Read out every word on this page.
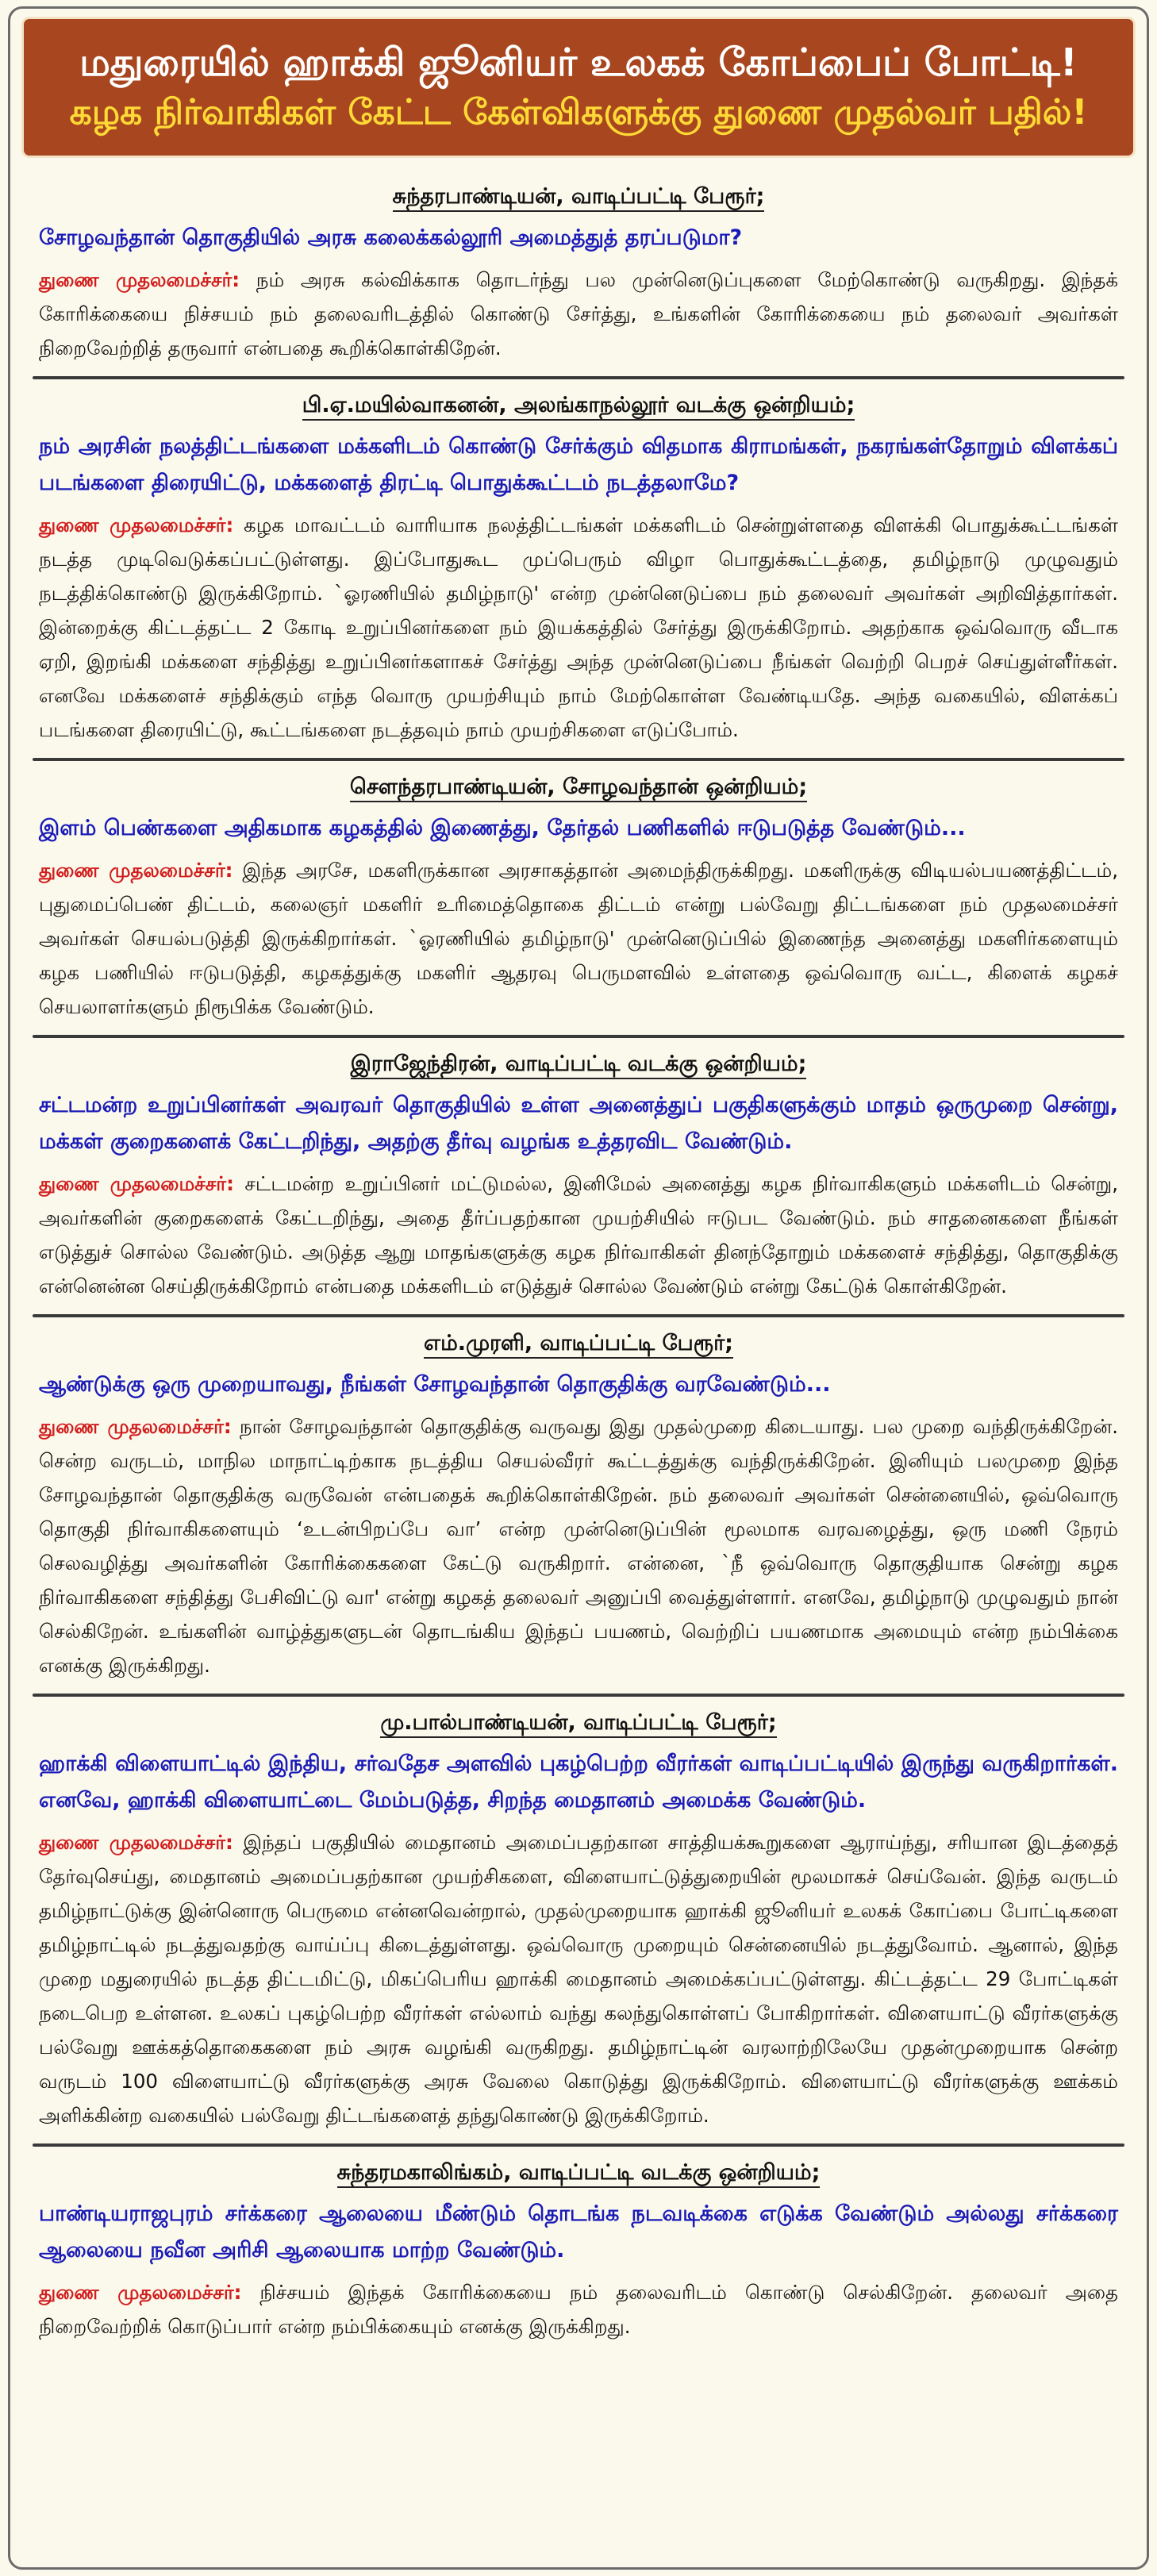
மதுரையில் ஹாக்கி ஜூனியர் உலகக் கோப்பைப் போட்டி!
கழக நிர்வாகிகள் கேட்ட கேள்விகளுக்கு துணை முதல்வர் பதில்!
சுந்தரபாண்டியன், வாடிப்பட்டி பேரூர்;

சோழவந்தான் தொகுதியில் அரசு கலைக்கல்லூரி அமைத்துத் தரப்படுமா?

துணை முதலமைச்சர்: நம் அரசு கல்விக்காக தொடர்ந்து பல முன்னெடுப்புகளை மேற்கொண்டு வருகிறது. இந்தக் கோரிக்கையை நிச்சயம் நம் தலைவரிடத்தில் கொண்டு சேர்த்து, உங்களின் கோரிக்கையை நம் தலைவர் அவர்கள் நிறைவேற்றித் தருவார் என்பதை கூறிக்கொள்கிறேன்.

பி.ஏ.மயில்வாகனன், அலங்காநல்லூர் வடக்கு ஒன்றியம்;

நம் அரசின் நலத்திட்டங்களை மக்களிடம் கொண்டு சேர்க்கும் விதமாக கிராமங்கள், நகரங்கள்தோறும் விளக்கப் படங்களை திரையிட்டு, மக்களைத் திரட்டி பொதுக்கூட்டம் நடத்தலாமே?

துணை முதலமைச்சர்: கழக மாவட்டம் வாரியாக நலத்திட்டங்கள் மக்களிடம் சென்றுள்ளதை விளக்கி பொதுக்கூட்டங்கள் நடத்த முடிவெடுக்கப்பட்டுள்ளது. இப்போதுகூட முப்பெரும் விழா பொதுக்கூட்டத்தை, தமிழ்நாடு முழுவதும் நடத்திக்கொண்டு இருக்கிறோம். `ஓரணியில் தமிழ்நாடு' என்ற முன்னெடுப்பை நம் தலைவர் அவர்கள் அறிவித்தார்கள். இன்றைக்கு கிட்டத்தட்ட 2 கோடி உறுப்பினர்களை நம் இயக்கத்தில் சேர்த்து இருக்கிறோம். அதற்காக ஒவ்வொரு வீடாக ஏறி, இறங்கி மக்களை சந்தித்து உறுப்பினர்களாகச் சேர்த்து அந்த முன்னெடுப்பை நீங்கள் வெற்றி பெறச் செய்துள்ளீர்கள். எனவே மக்களைச் சந்திக்கும் எந்த வொரு முயற்சியும் நாம் மேற்கொள்ள வேண்டியதே. அந்த வகையில், விளக்கப் படங்களை திரையிட்டு, கூட்டங்களை நடத்தவும் நாம் முயற்சிகளை எடுப்போம்.

சௌந்தரபாண்டியன், சோழவந்தான் ஒன்றியம்;

இளம் பெண்களை அதிகமாக கழகத்தில் இணைத்து, தேர்தல் பணிகளில் ஈடுபடுத்த வேண்டும்...

துணை முதலமைச்சர்: இந்த அரசே, மகளிருக்கான அரசாகத்தான் அமைந்திருக்கிறது. மகளிருக்கு விடியல்பயணத்திட்டம், புதுமைப்பெண் திட்டம், கலைஞர் மகளிர் உரிமைத்தொகை திட்டம் என்று பல்வேறு திட்டங்களை நம் முதலமைச்சர் அவர்கள் செயல்படுத்தி இருக்கிறார்கள். `ஓரணியில் தமிழ்நாடு' முன்னெடுப்பில் இணைந்த அனைத்து மகளிர்களையும் கழக பணியில் ஈடுபடுத்தி, கழகத்துக்கு மகளிர் ஆதரவு பெருமளவில் உள்ளதை ஒவ்வொரு வட்ட, கிளைக் கழகச் செயலாளர்களும் நிரூபிக்க வேண்டும்.

இராஜேந்திரன், வாடிப்பட்டி வடக்கு ஒன்றியம்;

சட்டமன்ற உறுப்பினர்கள் அவரவர் தொகுதியில் உள்ள அனைத்துப் பகுதிகளுக்கும் மாதம் ஒருமுறை சென்று, மக்கள் குறைகளைக் கேட்டறிந்து, அதற்கு தீர்வு வழங்க உத்தரவிட வேண்டும்.

துணை முதலமைச்சர்: சட்டமன்ற உறுப்பினர் மட்டுமல்ல, இனிமேல் அனைத்து கழக நிர்வாகிகளும் மக்களிடம் சென்று, அவர்களின் குறைகளைக் கேட்டறிந்து, அதை தீர்ப்பதற்கான முயற்சியில் ஈடுபட வேண்டும். நம் சாதனைகளை நீங்கள் எடுத்துச் சொல்ல வேண்டும். அடுத்த ஆறு மாதங்களுக்கு கழக நிர்வாகிகள் தினந்தோறும் மக்களைச் சந்தித்து, தொகுதிக்கு என்னென்ன செய்திருக்கிறோம் என்பதை மக்களிடம் எடுத்துச் சொல்ல வேண்டும் என்று கேட்டுக் கொள்கிறேன்.

எம்.முரளி, வாடிப்பட்டி பேரூர்;

ஆண்டுக்கு ஒரு முறையாவது, நீங்கள் சோழவந்தான் தொகுதிக்கு வரவேண்டும்...

துணை முதலமைச்சர்: நான் சோழவந்தான் தொகுதிக்கு வருவது இது முதல்முறை கிடையாது. பல முறை வந்திருக்கிறேன். சென்ற வருடம், மாநில மாநாட்டிற்காக நடத்திய செயல்வீரர் கூட்டத்துக்கு வந்திருக்கிறேன். இனியும் பலமுறை இந்த சோழவந்தான் தொகுதிக்கு வருவேன் என்பதைக் கூறிக்கொள்கிறேன். நம் தலைவர் அவர்கள் சென்னையில், ஒவ்வொரு தொகுதி நிர்வாகிகளையும் ‘உடன்பிறப்பே வா’ என்ற முன்னெடுப்பின் மூலமாக வரவழைத்து, ஒரு மணி நேரம் செலவழித்து அவர்களின் கோரிக்கைகளை கேட்டு வருகிறார். என்னை, `நீ ஒவ்வொரு தொகுதியாக சென்று கழக நிர்வாகிகளை சந்தித்து பேசிவிட்டு வா' என்று கழகத் தலைவர் அனுப்பி வைத்துள்ளார். எனவே, தமிழ்நாடு முழுவதும் நான் செல்கிறேன். உங்களின் வாழ்த்துகளுடன் தொடங்கிய இந்தப் பயணம், வெற்றிப் பயணமாக அமையும் என்ற நம்பிக்கை எனக்கு இருக்கிறது.

மு.பால்பாண்டியன், வாடிப்பட்டி பேரூர்;

ஹாக்கி விளையாட்டில் இந்திய, சர்வதேச அளவில் புகழ்பெற்ற வீரர்கள் வாடிப்பட்டியில் இருந்து வருகிறார்கள். எனவே, ஹாக்கி விளையாட்டை மேம்படுத்த, சிறந்த மைதானம் அமைக்க வேண்டும்.

துணை முதலமைச்சர்: இந்தப் பகுதியில் மைதானம் அமைப்பதற்கான சாத்தியக்கூறுகளை ஆராய்ந்து, சரியான இடத்தைத் தேர்வுசெய்து, மைதானம் அமைப்பதற்கான முயற்சிகளை, விளையாட்டுத்துறையின் மூலமாகச் செய்வேன். இந்த வருடம் தமிழ்நாட்டுக்கு இன்னொரு பெருமை என்னவென்றால், முதல்முறையாக ஹாக்கி ஜூனியர் உலகக் கோப்பை போட்டிகளை தமிழ்நாட்டில் நடத்துவதற்கு வாய்ப்பு கிடைத்துள்ளது. ஒவ்வொரு முறையும் சென்னையில் நடத்துவோம். ஆனால், இந்த முறை மதுரையில் நடத்த திட்டமிட்டு, மிகப்பெரிய ஹாக்கி மைதானம் அமைக்கப்பட்டுள்ளது. கிட்டத்தட்ட 29 போட்டிகள் நடைபெற உள்ளன. உலகப் புகழ்பெற்ற வீரர்கள் எல்லாம் வந்து கலந்துகொள்ளப் போகிறார்கள். விளையாட்டு வீரர்களுக்கு பல்வேறு ஊக்கத்தொகைகளை நம் அரசு வழங்கி வருகிறது. தமிழ்நாட்டின் வரலாற்றிலேயே முதன்முறையாக சென்ற வருடம் 100 விளையாட்டு வீரர்களுக்கு அரசு வேலை கொடுத்து இருக்கிறோம். விளையாட்டு வீரர்களுக்கு ஊக்கம் அளிக்கின்ற வகையில் பல்வேறு திட்டங்களைத் தந்துகொண்டு இருக்கிறோம்.

சுந்தரமகாலிங்கம், வாடிப்பட்டி வடக்கு ஒன்றியம்;

பாண்டியராஜபுரம் சர்க்கரை ஆலையை மீண்டும் தொடங்க நடவடிக்கை எடுக்க வேண்டும் அல்லது சர்க்கரை ஆலையை நவீன அரிசி ஆலையாக மாற்ற வேண்டும்.

துணை முதலமைச்சர்: நிச்சயம் இந்தக் கோரிக்கையை நம் தலைவரிடம் கொண்டு செல்கிறேன். தலைவர் அதை நிறைவேற்றிக் கொடுப்பார் என்ற நம்பிக்கையும் எனக்கு இருக்கிறது.
